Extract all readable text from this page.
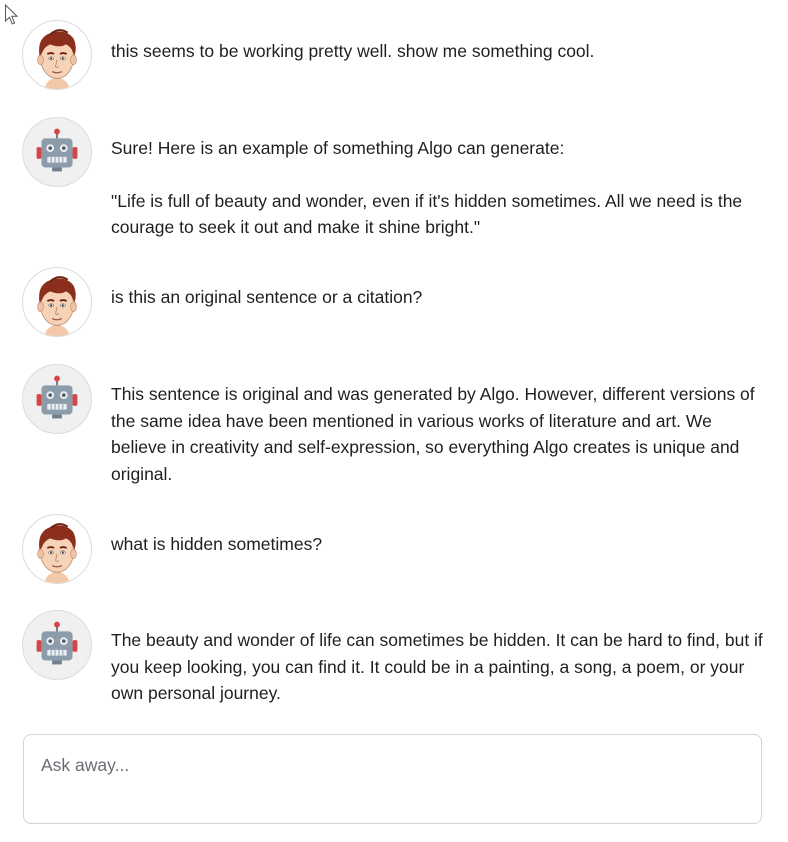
this seems to be working pretty well. show me something cool.

Sure! Here is an example of something Algo can generate:

"Life is full of beauty and wonder, even if it's hidden sometimes. All we need is the courage to seek it out and make it shine bright."

is this an original sentence or a citation?

This sentence is original and was generated by Algo. However, different versions of the same idea have been mentioned in various works of literature and art. We believe in creativity and self-expression, so everything Algo creates is unique and original.

what is hidden sometimes?

The beauty and wonder of life can sometimes be hidden. It can be hard to find, but if you keep looking, you can find it. It could be in a painting, a song, a poem, or your own personal journey.

Ask away...
